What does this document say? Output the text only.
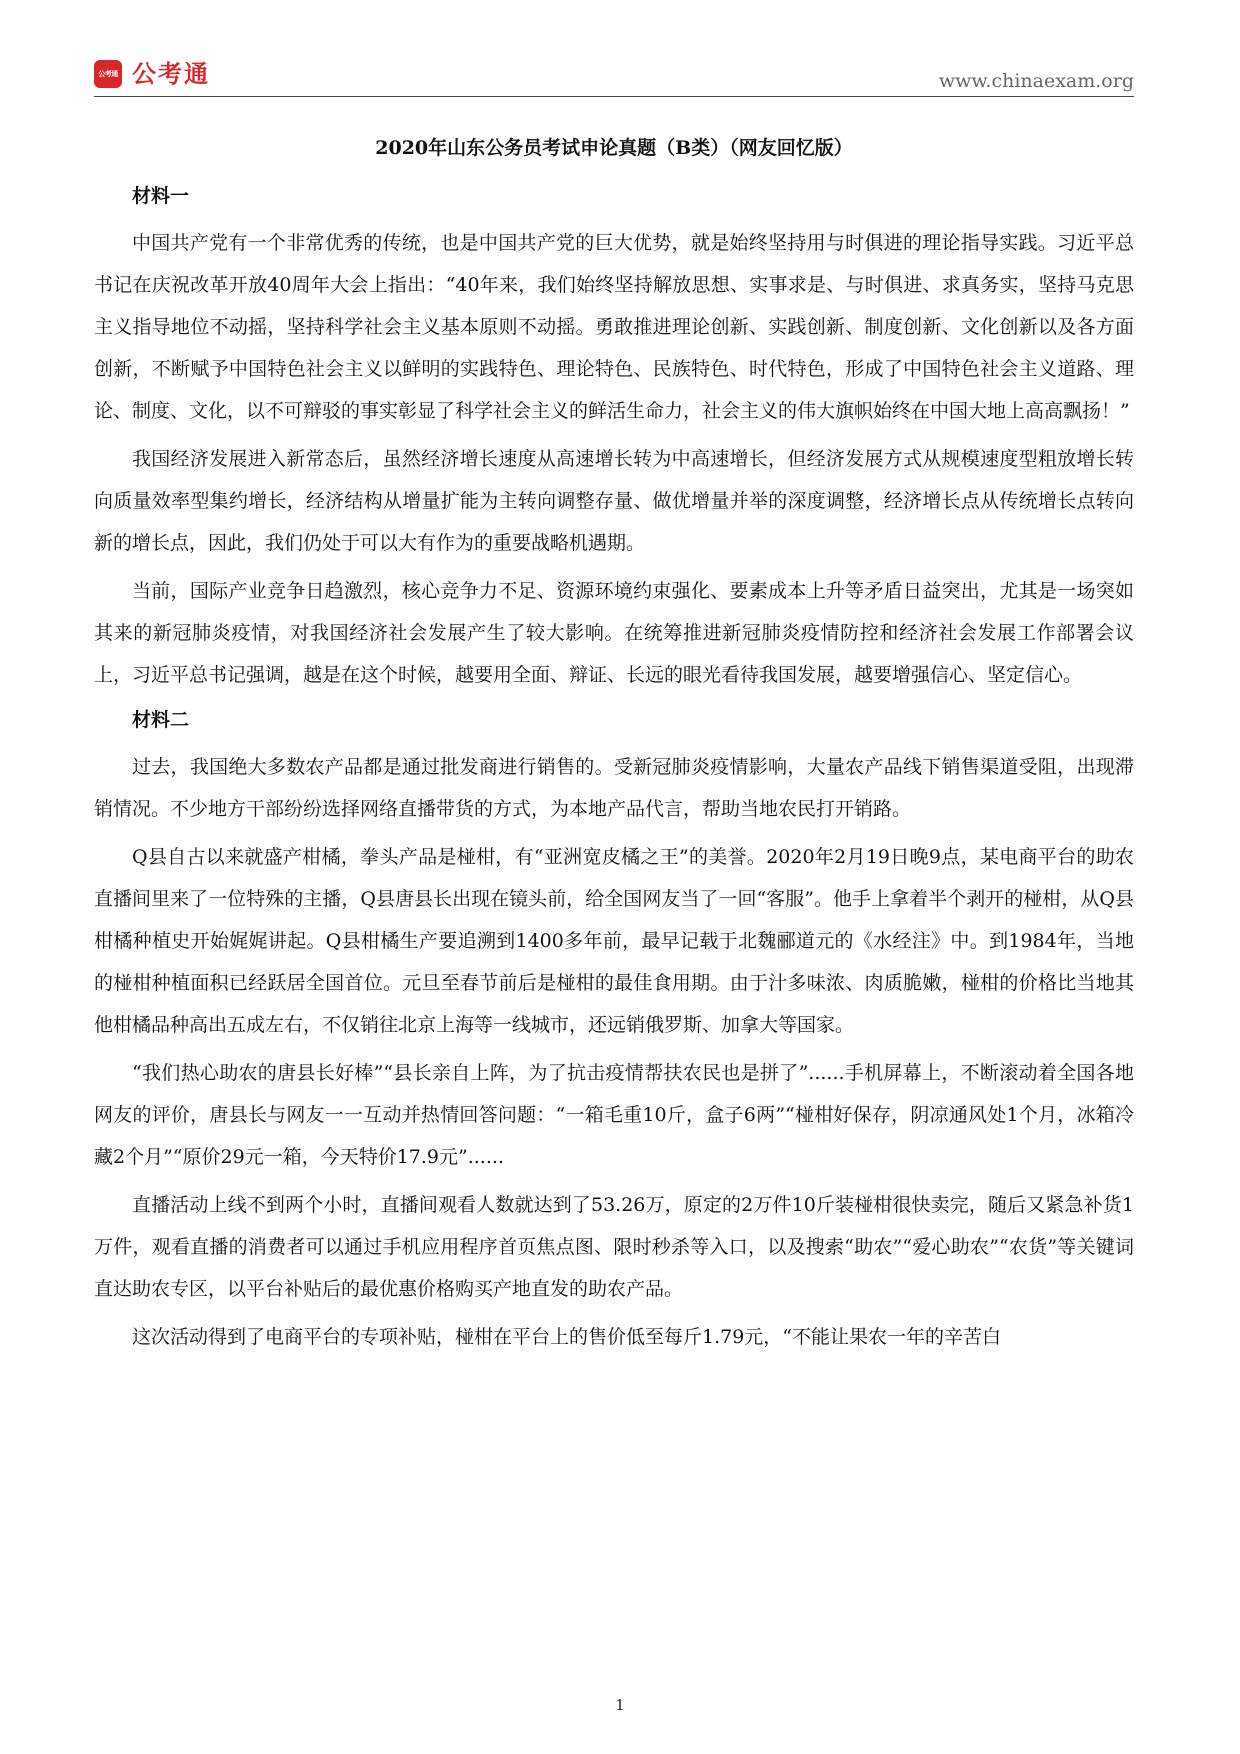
公考通 公考通	www.chinaexam.org
2020年山东公务员考试申论真题（B类）（网友回忆版）
材料一

中国共产党有一个非常优秀的传统，也是中国共产党的巨大优势，就是始终坚持用与时俱进的理论指导实践。习近平总书记在庆祝改革开放40周年大会上指出：“40年来，我们始终坚持解放思想、实事求是、与时俱进、求真务实，坚持马克思主义指导地位不动摇，坚持科学社会主义基本原则不动摇。勇敢推进理论创新、实践创新、制度创新、文化创新以及各方面创新，不断赋予中国特色社会主义以鲜明的实践特色、理论特色、民族特色、时代特色，形成了中国特色社会主义道路、理论、制度、文化，以不可辩驳的事实彰显了科学社会主义的鲜活生命力，社会主义的伟大旗帜始终在中国大地上高高飘扬！”

我国经济发展进入新常态后，虽然经济增长速度从高速增长转为中高速增长，但经济发展方式从规模速度型粗放增长转向质量效率型集约增长，经济结构从增量扩能为主转向调整存量、做优增量并举的深度调整，经济增长点从传统增长点转向新的增长点，因此，我们仍处于可以大有作为的重要战略机遇期。

当前，国际产业竞争日趋激烈，核心竞争力不足、资源环境约束强化、要素成本上升等矛盾日益突出，尤其是一场突如其来的新冠肺炎疫情，对我国经济社会发展产生了较大影响。在统筹推进新冠肺炎疫情防控和经济社会发展工作部署会议上，习近平总书记强调，越是在这个时候，越要用全面、辩证、长远的眼光看待我国发展，越要增强信心、坚定信心。

材料二

过去，我国绝大多数农产品都是通过批发商进行销售的。受新冠肺炎疫情影响，大量农产品线下销售渠道受阻，出现滞销情况。不少地方干部纷纷选择网络直播带货的方式，为本地产品代言，帮助当地农民打开销路。

Q县自古以来就盛产柑橘，拳头产品是椪柑，有“亚洲宽皮橘之王”的美誉。2020年2月19日晚9点，某电商平台的助农直播间里来了一位特殊的主播，Q县唐县长出现在镜头前，给全国网友当了一回“客服”。他手上拿着半个剥开的椪柑，从Q县柑橘种植史开始娓娓讲起。Q县柑橘生产要追溯到1400多年前，最早记载于北魏郦道元的《水经注》中。到1984年，当地的椪柑种植面积已经跃居全国首位。元旦至春节前后是椪柑的最佳食用期。由于汁多味浓、肉质脆嫩，椪柑的价格比当地其他柑橘品种高出五成左右，不仅销往北京上海等一线城市，还远销俄罗斯、加拿大等国家。

“我们热心助农的唐县长好棒”“县长亲自上阵，为了抗击疫情帮扶农民也是拼了”......手机屏幕上，不断滚动着全国各地网友的评价，唐县长与网友一一互动并热情回答问题：“一箱毛重10斤，盒子6两”“椪柑好保存，阴凉通风处1个月，冰箱冷藏2个月”“原价29元一箱，今天特价17.9元”......

直播活动上线不到两个小时，直播间观看人数就达到了53.26万，原定的2万件10斤装椪柑很快卖完，随后又紧急补货1万件，观看直播的消费者可以通过手机应用程序首页焦点图、限时秒杀等入口，以及搜索“助农”“爱心助农”“农货”等关键词直达助农专区，以平台补贴后的最优惠价格购买产地直发的助农产品。

这次活动得到了电商平台的专项补贴，椪柑在平台上的售价低至每斤1.79元，“不能让果农一年的辛苦白

1
